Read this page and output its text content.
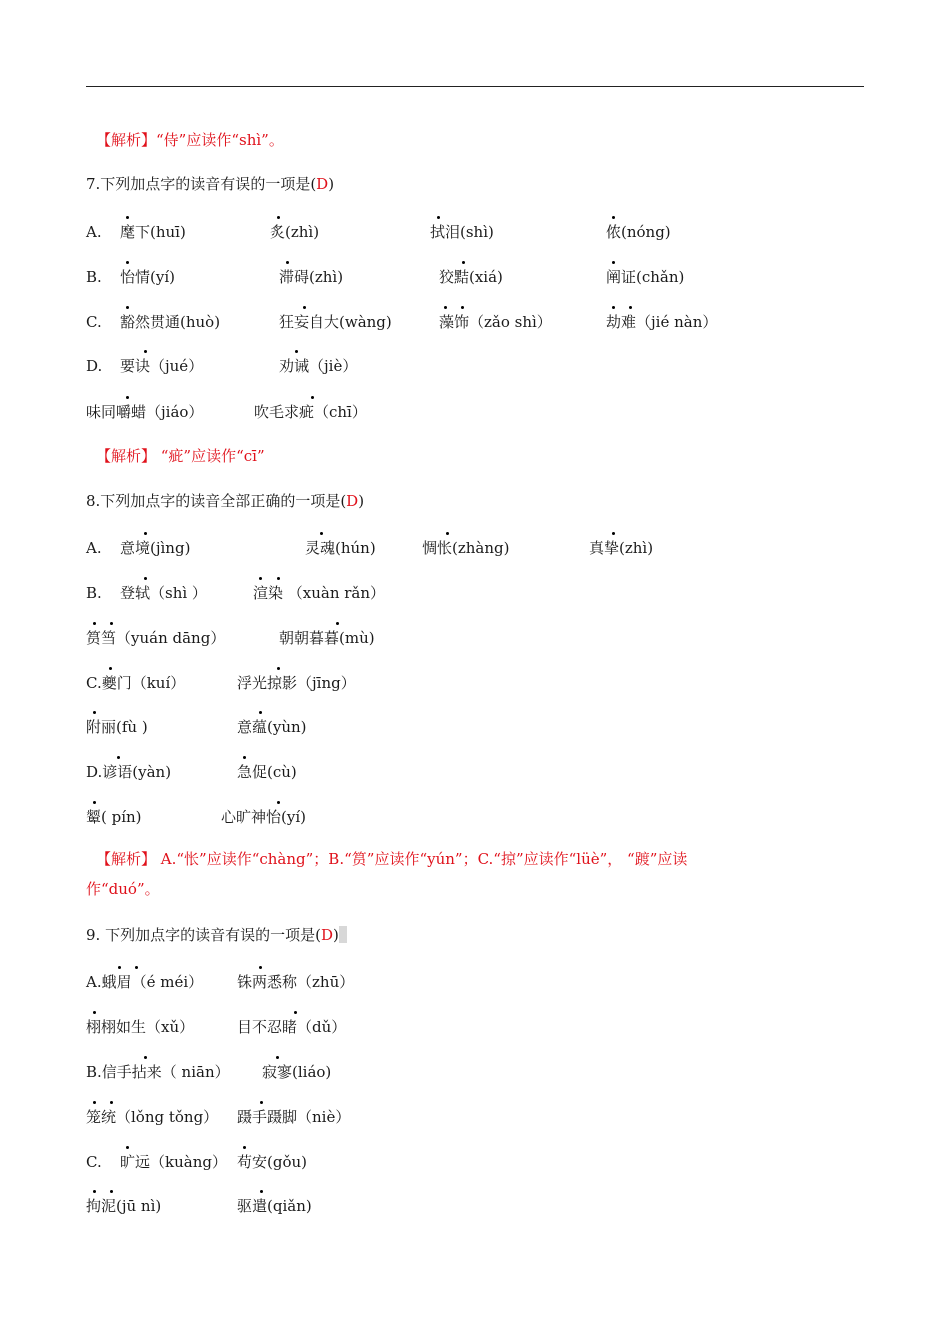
【解析】“侍”应读作“shì”。
7.下列加点字的读音有误的一项是(D)
A. 麾下(huī)	炙(zhì)	拭泪(shì)	侬(nóng)
B. 怡情(yí)	滞碍(zhì)	狡黠(xiá)	阐证(chǎn)
C. 豁然贯通(huò)	狂妄自大(wàng)	藻饰（zǎo shì）	劫难（jié nàn）
D. 要诀（jué）	劝诫（jiè）
味同嚼蜡（jiáo）	吹毛求疵（chī）
【解析】 “疵”应读作“cī”
8.下列加点字的读音全部正确的一项是(D)
A. 意境(jìng)	灵魂(hún)	惆怅(zhàng)	真挚(zhì)
B. 登轼（shì ）	渲染 （xuàn rǎn）
筼筜（yuán dāng）	朝朝暮暮(mù)
C.夔门（kuí）	浮光掠影（jīng）
附丽(fù )	意蕴(yùn)
D.谚语(yàn)	急促(cù)
颦( pín)	心旷神怡(yí)
【解析】 A.“怅”应读作“chàng”；B.“筼”应读作“yún”；C.“掠”应读作“lüè”， “踱”应读
作“duó”。
9. 下列加点字的读音有误的一项是(D)
A.蛾眉（é méi） 铢两悉称（zhū）
栩栩如生（xǔ）	目不忍睹（dǔ）
B.信手拈来（ niān） 寂寥(liáo)
笼统（lǒng tǒng） 蹑手蹑脚（niè）
C. 旷远（kuàng） 苟安(gǒu)
拘泥(jū nì)	驱遣(qiǎn)
